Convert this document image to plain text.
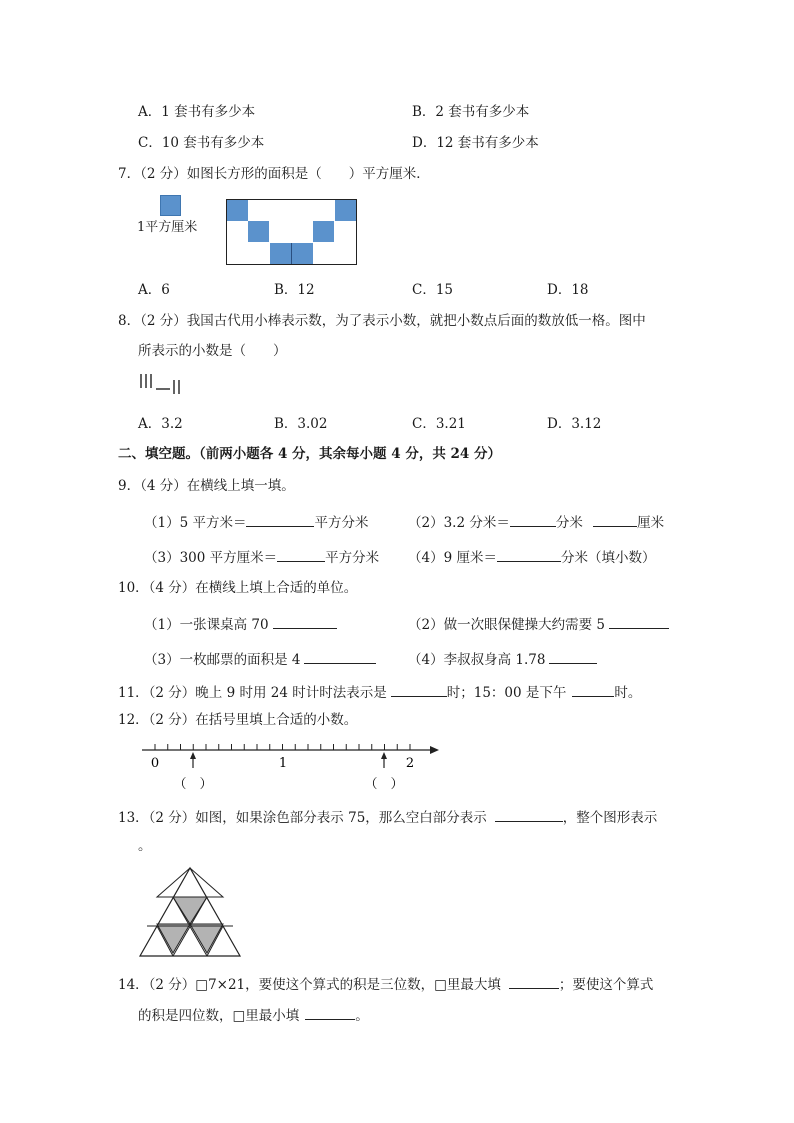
A．1 套书有多少本	B．2 套书有多少本
C．10 套书有多少本	D．12 套书有多少本
7．（2 分）如图长方形的面积是（　　）平方厘米．
1平方厘米
A．6	B．12	C．15	D．18
8．（2 分）我国古代用小棒表示数，为了表示小数，就把小数点后面的数放低一格。图中
所表示的小数是（　　）
A．3.2	B．3.02	C．3.21	D．3.12
二、填空题。（前两小题各 4 分，其余每小题 4 分，共 24 分）
9．（4 分）在横线上填一填。
（1）5 平方米＝	平方分米	（2）3.2 分米＝	分米	厘米
（3）300 平方厘米＝	平方分米 （4）9 厘米＝	分米（填小数）
10．（4 分）在横线上填上合适的单位。
（1）一张课桌高 70	（2）做一次眼保健操大约需要 5
（3）一枚邮票的面积是 4	（4）李叔叔身高 1.78
11．（2 分）晚上 9 时用 24 时计时法表示是	时；15：00 是下午	时。
12．（2 分）在括号里填上合适的小数。
0	1	2
（　）	（　）
13．（2 分）如图，如果涂色部分表示 75，那么空白部分表示	，整个图形表示
。
14．（2 分）□7×21，要使这个算式的积是三位数，□里最大填	；要使这个算式
的积是四位数，□里最小填	。
